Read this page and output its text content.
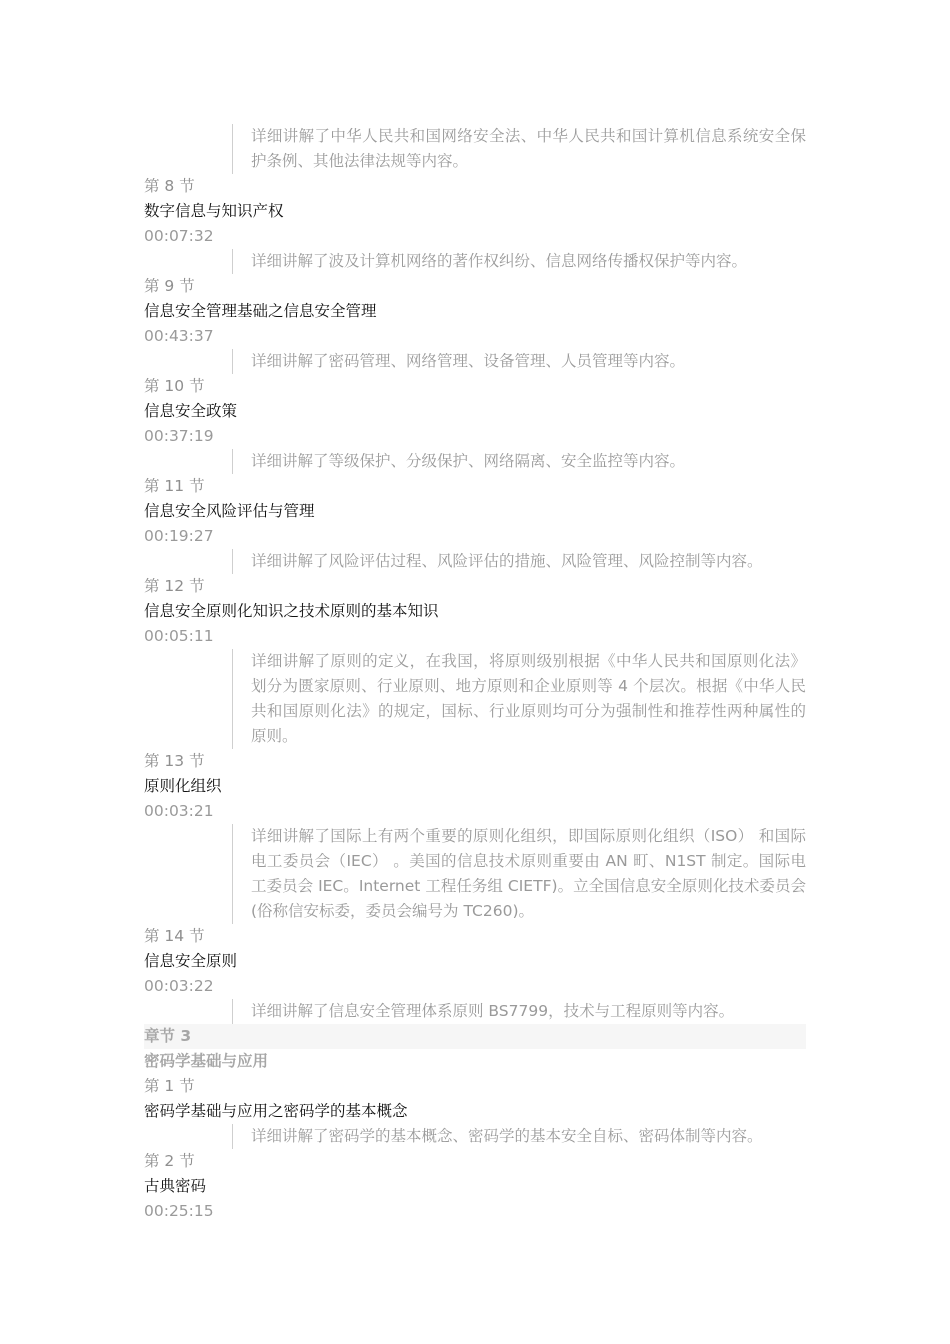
详细讲解了中华人民共和国网络安全法、中华人民共和国计算机信息系统安全保护条例、其他法律法规等内容。
第 8 节
数字信息与知识产权
00:07:32
详细讲解了波及计算机网络的著作权纠纷、信息网络传播权保护等内容。
第 9 节
信息安全管理基础之信息安全管理
00:43:37
详细讲解了密码管理、网络管理、设备管理、人员管理等内容。
第 10 节
信息安全政策
00:37:19
详细讲解了等级保护、分级保护、网络隔离、安全监控等内容。
第 11 节
信息安全风险评估与管理
00:19:27
详细讲解了风险评估过程、风险评估的措施、风险管理、风险控制等内容。
第 12 节
信息安全原则化知识之技术原则的基本知识
00:05:11
详细讲解了原则的定义，在我国，将原则级别根据《中华人民共和国原则化法》划分为匮家原则、行业原则、地方原则和企业原则等 4 个层次。根据《中华人民共和国原则化法》的规定，国标、行业原则均可分为强制性和推荐性两种属性的原则。
第 13 节
原则化组织
00:03:21
详细讲解了国际上有两个重要的原则化组织，即国际原则化组织（ISO） 和国际电工委员会（IEC） 。美国的信息技术原则重要由 AN 町、N1ST 制定。国际电工委员会 IEC。Internet 工程任务组 CIETF)。立全国信息安全原则化技术委员会(俗称信安标委，委员会编号为 TC260)。
第 14 节
信息安全原则
00:03:22
详细讲解了信息安全管理体系原则 BS7799，技术与工程原则等内容。
章节 3
密码学基础与应用
第 1 节
密码学基础与应用之密码学的基本概念
详细讲解了密码学的基本概念、密码学的基本安全自标、密码体制等内容。
第 2 节
古典密码
00:25:15
